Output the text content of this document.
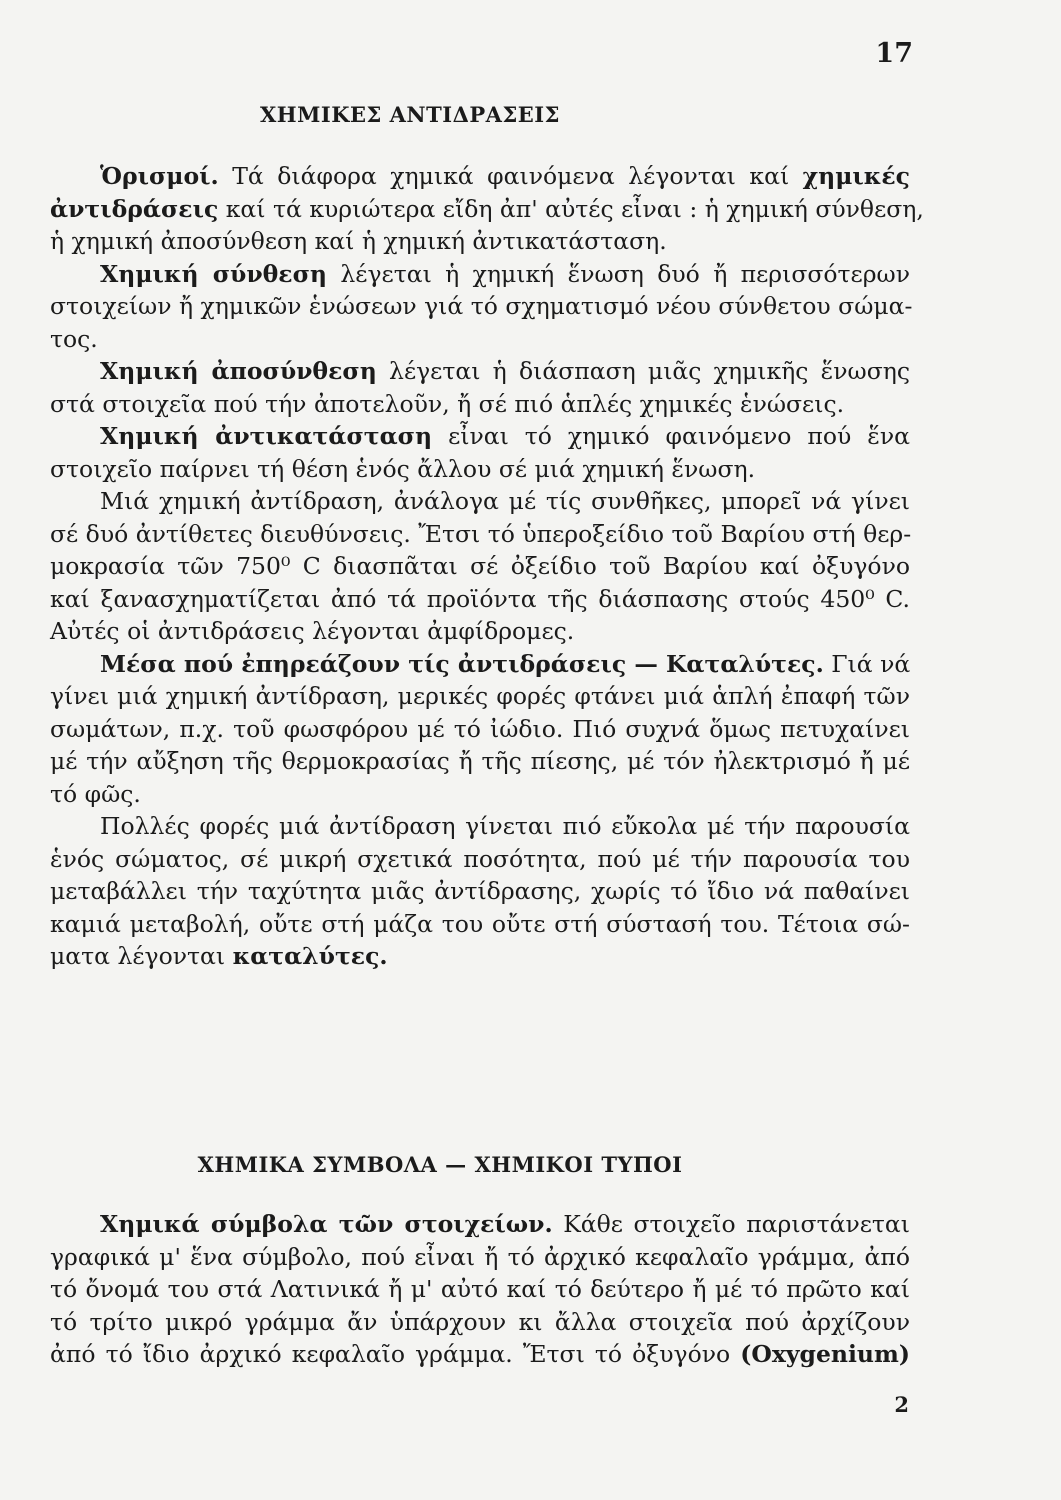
17
ΧΗΜΙΚΕΣ ΑΝΤΙΔΡΑΣΕΙΣ
Ὁρισμοί. Τά διάφορα χημικά φαινόμενα λέγονται καί χημικές
ἀντιδράσεις καί τά κυριώτερα εἴδη ἀπ' αὐτές εἶναι : ἡ χημική σύνθεση,
ἡ χημική ἀποσύνθεση καί ἡ χημική ἀντικατάσταση.
Χημική σύνθεση λέγεται ἡ χημική ἕνωση δυό ἤ περισσότερων
στοιχείων ἤ χημικῶν ἑνώσεων γιά τό σχηματισμό νέου σύνθετου σώμα-
τος.
Χημική ἀποσύνθεση λέγεται ἡ διάσπαση μιᾶς χημικῆς ἕνωσης
στά στοιχεῖα πού τήν ἀποτελοῦν, ἤ σέ πιό ἁπλές χημικές ἑνώσεις.
Χημική ἀντικατάσταση εἶναι τό χημικό φαινόμενο πού ἕνα
στοιχεῖο παίρνει τή θέση ἑνός ἄλλου σέ μιά χημική ἕνωση.
Μιά χημική ἀντίδραση, ἀνάλογα μέ τίς συνθῆκες, μπορεῖ νά γίνει
σέ δυό ἀντίθετες διευθύνσεις. Ἔτσι τό ὑπεροξείδιο τοῦ Βαρίου στή θερ-
μοκρασία τῶν 750⁰ C διασπᾶται σέ ὀξείδιο τοῦ Βαρίου καί ὀξυγόνο
καί ξανασχηματίζεται ἀπό τά προϊόντα τῆς διάσπασης στούς 450⁰ C.
Αὐτές οἱ ἀντιδράσεις λέγονται ἀμφίδρομες.
Μέσα πού ἐπηρεάζουν τίς ἀντιδράσεις — Καταλύτες. Γιά νά
γίνει μιά χημική ἀντίδραση, μερικές φορές φτάνει μιά ἁπλή ἐπαφή τῶν
σωμάτων, π.χ. τοῦ φωσφόρου μέ τό ἰώδιο. Πιό συχνά ὅμως πετυχαίνει
μέ τήν αὔξηση τῆς θερμοκρασίας ἤ τῆς πίεσης, μέ τόν ἠλεκτρισμό ἤ μέ
τό φῶς.
Πολλές φορές μιά ἀντίδραση γίνεται πιό εὔκολα μέ τήν παρουσία
ἑνός σώματος, σέ μικρή σχετικά ποσότητα, πού μέ τήν παρουσία του
μεταβάλλει τήν ταχύτητα μιᾶς ἀντίδρασης, χωρίς τό ἴδιο νά παθαίνει
καμιά μεταβολή, οὔτε στή μάζα του οὔτε στή σύστασή του. Τέτοια σώ-
ματα λέγονται καταλύτες.
ΧΗΜΙΚΑ ΣΥΜΒΟΛΑ — ΧΗΜΙΚΟΙ ΤΥΠΟΙ
Χημικά σύμβολα τῶν στοιχείων. Κάθε στοιχεῖο παριστάνεται
γραφικά μ' ἕνα σύμβολο, πού εἶναι ἤ τό ἀρχικό κεφαλαῖο γράμμα, ἀπό
τό ὄνομά του στά Λατινικά ἤ μ' αὐτό καί τό δεύτερο ἤ μέ τό πρῶτο καί
τό τρίτο μικρό γράμμα ἄν ὑπάρχουν κι ἄλλα στοιχεῖα πού ἀρχίζουν
ἀπό τό ἴδιο ἀρχικό κεφαλαῖο γράμμα. Ἔτσι τό ὀξυγόνο (Oxygenium)
2
